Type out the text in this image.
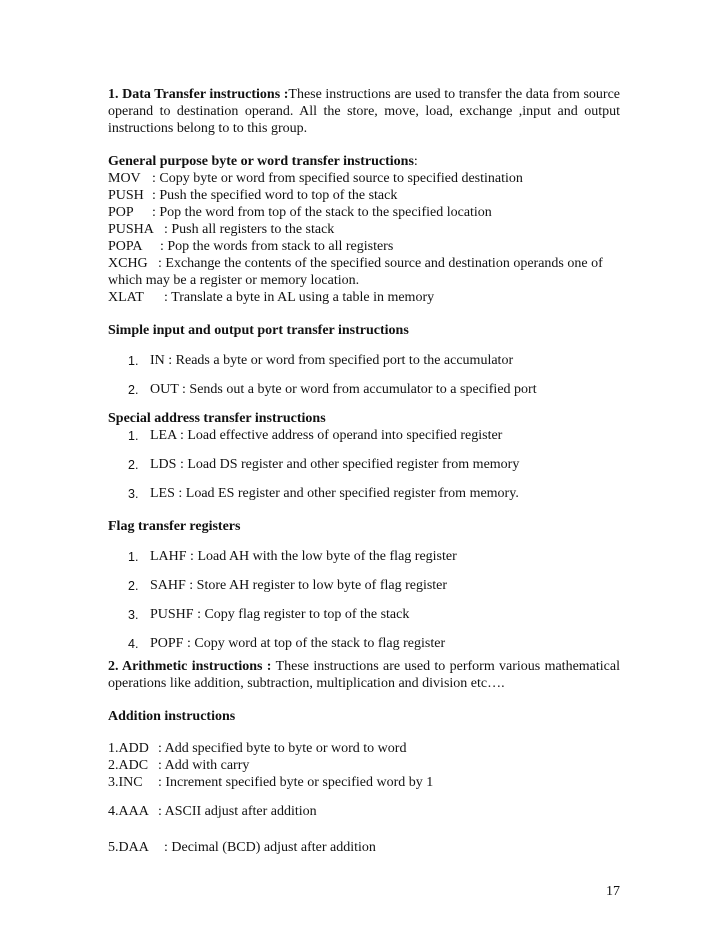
1. Data Transfer instructions :These instructions are used to transfer the data from source operand to destination operand. All the store, move, load, exchange ,input and output instructions belong to to this group.

General purpose byte or word transfer instructions:
MOV : Copy byte or word from specified source to specified destination
PUSH : Push the specified word to top of the stack
POP : Pop the word from top of the stack to the specified location
PUSHA : Push all registers to the stack
POPA : Pop the words from stack to all registers
XCHG : Exchange the contents of the specified source and destination operands one of which may be a register or memory location.
XLAT : Translate a byte in AL using a table in memory
Simple input and output port transfer instructions
1. IN : Reads a byte or word from specified port to the accumulator
2. OUT : Sends out a byte or word from accumulator to a specified port
Special address transfer instructions
1. LEA : Load effective address of operand into specified register
2. LDS : Load DS register and other specified register from memory
3. LES : Load ES register and other specified register from memory.
Flag transfer registers
1. LAHF : Load AH with the low byte of the flag register
2. SAHF : Store AH register to low byte of flag register
3. PUSHF : Copy flag register to top of the stack
4. POPF : Copy word at top of the stack to flag register

2. Arithmetic instructions : These instructions are used to perform various mathematical operations like addition, subtraction, multiplication and division etc….

Addition instructions
1.ADD : Add specified byte to byte or word to word
2.ADC : Add with carry
3.INC : Increment specified byte or specified word by 1
4.AAA : ASCII adjust after addition
5.DAA : Decimal (BCD) adjust after addition
17
